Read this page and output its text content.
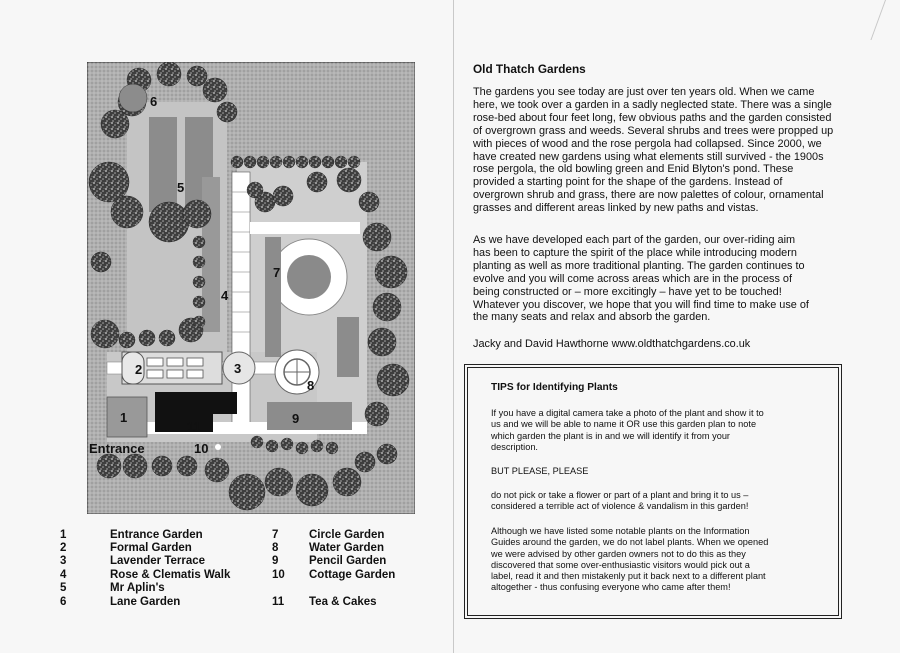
6
5
7
4
2	3
8
1
11
9
10
Entrance
1	Entrance Garden
2	Formal Garden
3	Lavender Terrace
4	Rose & Clematis Walk
5	Mr Aplin's
6	Lane Garden
7	Circle Garden
8	Water Garden
9	Pencil Garden
10	Cottage Garden
11	Tea & Cakes
Old Thatch Gardens
The gardens you see today are just over ten years old. When we came
here, we took over a garden in a sadly neglected state. There was a single
rose-bed about four feet long, few obvious paths and the garden consisted
of overgrown grass and weeds. Several shrubs and trees were propped up
with pieces of wood and the rose pergola had collapsed. Since 2000, we
have created new gardens using what elements still survived - the 1900s
rose pergola, the old bowling green and Enid Blyton's pond. These
provided a starting point for the shape of the gardens. Instead of
overgrown shrub and grass, there are now palettes of colour, ornamental
grasses and different areas linked by new paths and vistas.
As we have developed each part of the garden, our over-riding aim
has been to capture the spirit of the place while introducing modern
planting as well as more traditional planting. The garden continues to
evolve and you will come across areas which are in the process of
being constructed or – more excitingly – have yet to be touched!
Whatever you discover, we hope that you will find time to make use of
the many seats and relax and absorb the garden.
Jacky and David Hawthorne www.oldthatchgardens.co.uk
TIPS for Identifying Plants
If you have a digital camera take a photo of the plant and show it to
us and we will be able to name it OR use this garden plan to note
which garden the plant is in and we will identify it from your
description.
BUT PLEASE, PLEASE
do not pick or take a flower or part of a plant and bring it to us –
considered a terrible act of violence & vandalism in this garden!
Although we have listed some notable plants on the Information
Guides around the garden, we do not label plants. When we opened
we were advised by other garden owners not to do this as they
discovered that some over-enthusiastic visitors would pick out a
label, read it and then mistakenly put it back next to a different plant
altogether - thus confusing everyone who came after them!
